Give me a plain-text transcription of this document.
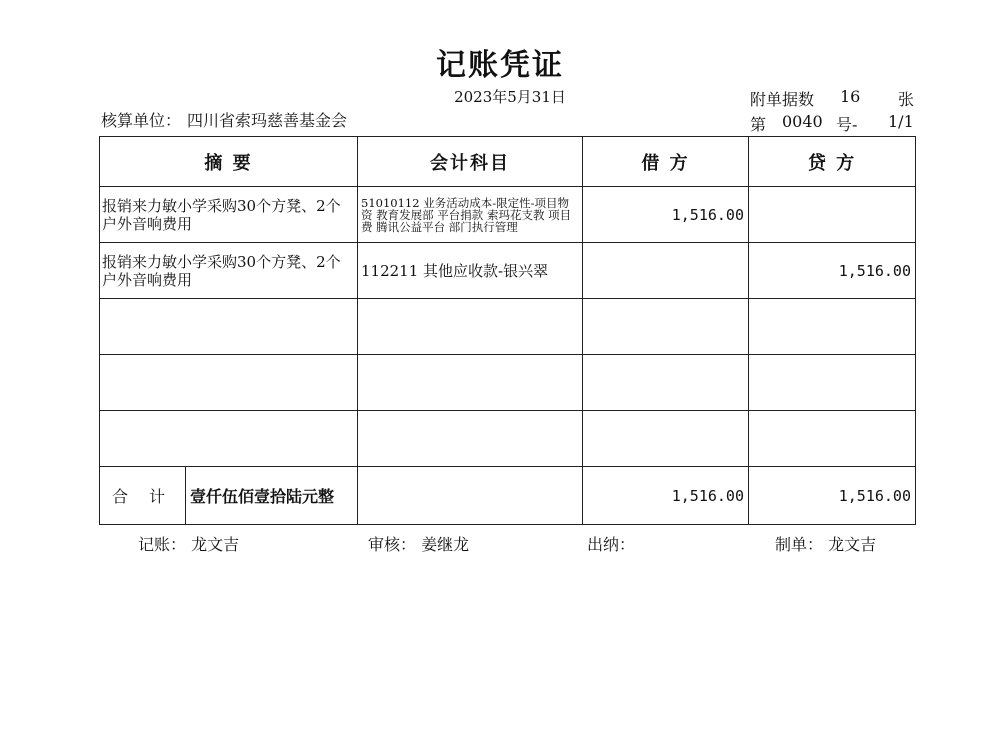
记账凭证
2023年5月31日
核算单位： 四川省索玛慈善基金会
附单据数 16 张
第 0040 号- 1/1
摘 要	会计科目	借 方	贷 方
报销来力敏小学采购30个方凳、2个户外音响费用	51010112 业务活动成本-限定性-项目物资 教育发展部 平台捐款 索玛花支教 项目费 腾讯公益平台 部门执行管理	1,516.00	
报销来力敏小学采购30个方凳、2个户外音响费用	112211 其他应收款-银兴翠		1,516.00

合 计 壹仟伍佰壹拾陆元整		1,516.00	1,516.00
记账： 龙文吉	审核： 姜继龙	出纳：	制单： 龙文吉
